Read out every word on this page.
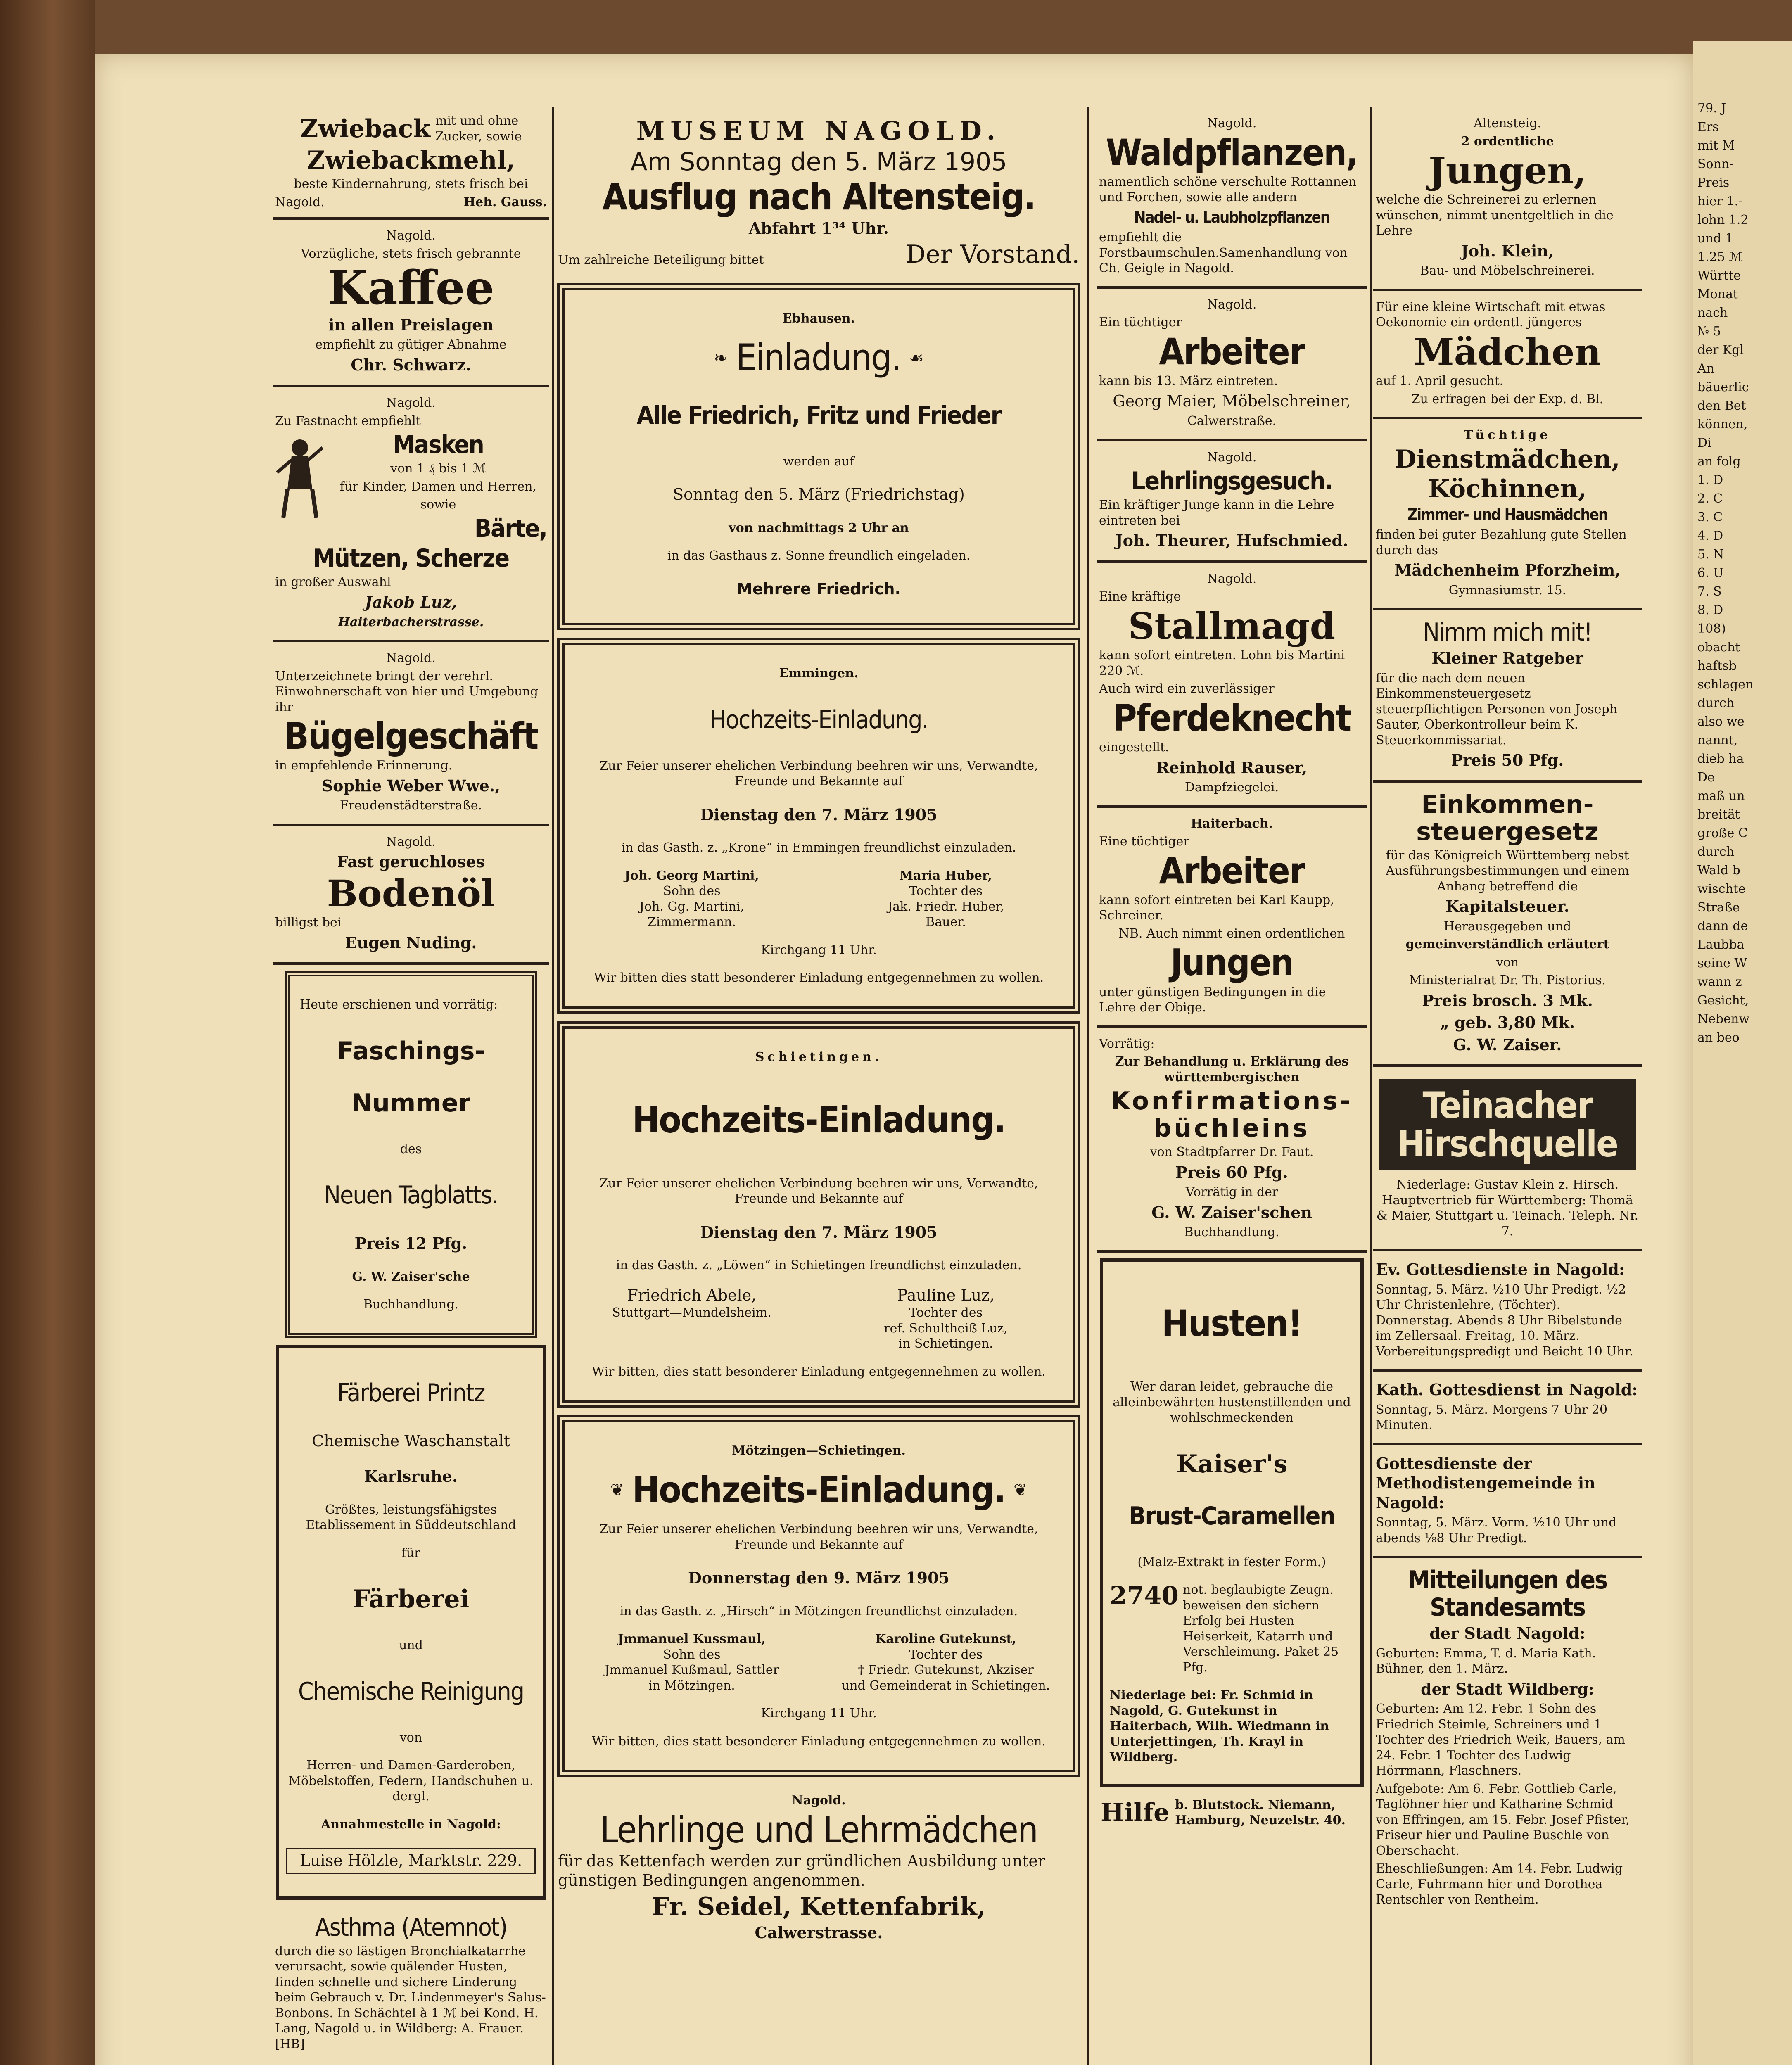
Zwieback mit und ohne
Zucker, sowie

Zwiebackmehl,

beste Kindernahrung, stets frisch bei

Nagold.	Heh. Gauss.

Nagold.

Vorzügliche, stets frisch gebrannte

Kaffee

in allen Preislagen

empfiehlt zu gütiger Abnahme

Chr. Schwarz.

Nagold.

Zu Fastnacht empfiehlt

Masken

von 1 ₰ bis 1 ℳ

für Kinder, Damen und Herren,

sowie

Bärte,

Mützen, Scherze

in großer Auswahl

Jakob Luz,

Haiterbacherstrasse.

Nagold.

Unterzeichnete bringt der verehrl. Einwohnerschaft von hier und Umgebung ihr

Bügelgeschäft

in empfehlende Erinnerung.

Sophie Weber Wwe.,

Freudenstädterstraße.

Nagold.

Fast geruchloses

Bodenöl

billigst bei

Eugen Nuding.

Heute erschienen und vorrätig:

Faschings-

Nummer

des

Neuen Tagblatts.

Preis 12 Pfg.

G. W. Zaiser'sche

Buchhandlung.

Färberei Printz

Chemische Waschanstalt

Karlsruhe.

Größtes, leistungsfähigstes Etablissement in Süddeutschland

für

Färberei

und

Chemische Reinigung

von

Herren- und Damen-Garderoben, Möbelstoffen, Federn, Handschuhen u. dergl.

Annahmestelle in Nagold:

Luise Hölzle, Marktstr. 229.

Asthma (Atemnot)

durch die so lästigen Bronchialkatarrhe verursacht, sowie quälender Husten, finden schnelle und sichere Linderung beim Gebrauch v. Dr. Lindenmeyer's Salus-Bonbons. In Schächtel à 1 ℳ bei Kond. H. Lang, Nagold u. in Wildberg: A. Frauer. [HB]

MUSEUM NAGOLD.

Am Sonntag den 5. März 1905

Ausflug nach Altensteig.

Abfahrt 1³⁴ Uhr.

Um zahlreiche Beteiligung bittet	Der Vorstand.

Ebhausen.

❧ Einladung. ☙

Alle Friedrich, Fritz und Frieder

werden auf

Sonntag den 5. März (Friedrichstag)

von nachmittags 2 Uhr an

in das Gasthaus z. Sonne freundlich eingeladen.

Mehrere Friedrich.

Emmingen.

Hochzeits-Einladung.

Zur Feier unserer ehelichen Verbindung beehren wir uns, Verwandte, Freunde und Bekannte auf

Dienstag den 7. März 1905

in das Gasth. z. „Krone“ in Emmingen freundlichst einzuladen.

Joh. Georg Martini,
Sohn des
Joh. Gg. Martini,
Zimmermann.
Maria Huber,
Tochter des
Jak. Friedr. Huber,
Bauer.

Kirchgang 11 Uhr.

Wir bitten dies statt besonderer Einladung entgegennehmen zu wollen.

Schietingen.

Hochzeits-Einladung.

Zur Feier unserer ehelichen Verbindung beehren wir uns, Verwandte, Freunde und Bekannte auf

Dienstag den 7. März 1905

in das Gasth. z. „Löwen“ in Schietingen freundlichst einzuladen.

Friedrich Abele,
Stuttgart—Mundelsheim.
Pauline Luz,
Tochter des
ref. Schultheiß Luz,
in Schietingen.

Wir bitten, dies statt besonderer Einladung entgegennehmen zu wollen.

Mötzingen—Schietingen.

❦ Hochzeits-Einladung. ❦

Zur Feier unserer ehelichen Verbindung beehren wir uns, Verwandte, Freunde und Bekannte auf

Donnerstag den 9. März 1905

in das Gasth. z. „Hirsch“ in Mötzingen freundlichst einzuladen.

Jmmanuel Kussmaul,
Sohn des
Jmmanuel Kußmaul, Sattler
in Mötzingen.
Karoline Gutekunst,
Tochter des
† Friedr. Gutekunst, Akziser
und Gemeinderat in Schietingen.

Kirchgang 11 Uhr.

Wir bitten, dies statt besonderer Einladung entgegennehmen zu wollen.

Nagold.

Lehrlinge und Lehrmädchen

für das Kettenfach werden zur gründlichen Ausbildung unter günstigen Bedingungen angenommen.

Fr. Seidel, Kettenfabrik,

Calwerstrasse.

Nagold.

Waldpflanzen,

namentlich schöne verschulte Rottannen und Forchen, sowie alle andern

Nadel- u. Laubholzpflanzen

empfiehlt die Forstbaumschulen.Samenhandlung von Ch. Geigle in Nagold.

Nagold.

Ein tüchtiger

Arbeiter

kann bis 13. März eintreten.

Georg Maier, Möbelschreiner,

Calwerstraße.

Nagold.

Lehrlingsgesuch.

Ein kräftiger Junge kann in die Lehre eintreten bei

Joh. Theurer, Hufschmied.

Nagold.

Eine kräftige

Stallmagd

kann sofort eintreten. Lohn bis Martini 220 ℳ.

Auch wird ein zuverlässiger

Pferdeknecht

eingestellt.

Reinhold Rauser,

Dampfziegelei.

Haiterbach.

Eine tüchtiger

Arbeiter

kann sofort eintreten bei Karl Kaupp, Schreiner.

NB. Auch nimmt einen ordentlichen

Jungen

unter günstigen Bedingungen in die Lehre der Obige.

Vorrätig:

Zur Behandlung u. Erklärung des württembergischen

Konfirmations-büchleins

von Stadtpfarrer Dr. Faut.

Preis 60 Pfg.

Vorrätig in der

G. W. Zaiser'schen

Buchhandlung.

Husten!

Wer daran leidet, gebrauche die alleinbewährten hustenstillenden und wohlschmeckenden

Kaiser's

Brust-Caramellen

(Malz-Extrakt in fester Form.)

2740 not. beglaubigte Zeugn. beweisen den sichern Erfolg bei Husten Heiserkeit, Katarrh und Verschleimung. Paket 25 Pfg.

Niederlage bei: Fr. Schmid in Nagold, G. Gutekunst in Haiterbach, Wilh. Wiedmann in Unterjettingen, Th. Krayl in Wildberg.

Hilfe b. Blutstock. Niemann, Hamburg, Neuzelstr. 40.

Altensteig.

2 ordentliche

Jungen,

welche die Schreinerei zu erlernen wünschen, nimmt unentgeltlich in die Lehre

Joh. Klein,

Bau- und Möbelschreinerei.

Für eine kleine Wirtschaft mit etwas Oekonomie ein ordentl. jüngeres

Mädchen

auf 1. April gesucht.

Zu erfragen bei der Exp. d. Bl.

Tüchtige

Dienstmädchen,

Köchinnen,

Zimmer- und Hausmädchen

finden bei guter Bezahlung gute Stellen durch das

Mädchenheim Pforzheim,

Gymnasiumstr. 15.

Nimm mich mit!

Kleiner Ratgeber

für die nach dem neuen Einkommensteuergesetz steuerpflichtigen Personen von Joseph Sauter, Oberkontrolleur beim K. Steuerkommissariat.

Preis 50 Pfg.

Einkommen-steuergesetz

für das Königreich Württemberg nebst Ausführungsbestimmungen und einem Anhang betreffend die

Kapitalsteuer.

Herausgegeben und

gemeinverständlich erläutert

von

Ministerialrat Dr. Th. Pistorius.

Preis brosch. 3 Mk.

„ geb. 3,80 Mk.

G. W. Zaiser.

Teinacher
Hirschquelle

Niederlage: Gustav Klein z. Hirsch. Hauptvertrieb für Württemberg: Thomä & Maier, Stuttgart u. Teinach. Teleph. Nr. 7.

Ev. Gottesdienste in Nagold:

Sonntag, 5. März. ½10 Uhr Predigt. ½2 Uhr Christenlehre, (Töchter). Donnerstag. Abends 8 Uhr Bibelstunde im Zellersaal. Freitag, 10. März. Vorbereitungspredigt und Beicht 10 Uhr.

Kath. Gottesdienst in Nagold:

Sonntag, 5. März. Morgens 7 Uhr 20 Minuten.

Gottesdienste der Methodistengemeinde in Nagold:

Sonntag, 5. März. Vorm. ½10 Uhr und abends ⅛8 Uhr Predigt.

Mitteilungen des Standesamts

der Stadt Nagold:

Geburten: Emma, T. d. Maria Kath. Bühner, den 1. März.

der Stadt Wildberg:

Geburten: Am 12. Febr. 1 Sohn des Friedrich Steimle, Schreiners und 1 Tochter des Friedrich Weik, Bauers, am 24. Febr. 1 Tochter des Ludwig Hörrmann, Flaschners.

Aufgebote: Am 6. Febr. Gottlieb Carle, Taglöhner hier und Katharine Schmid von Effringen, am 15. Febr. Josef Pfister, Friseur hier und Pauline Buschle von Oberschacht.

Eheschließungen: Am 14. Febr. Ludwig Carle, Fuhrmann hier und Dorothea Rentschler von Rentheim.

79. J
Ers
mit M
Sonn-
Preis
hier 1.-
lohn 1.2
und 1
1.25 ℳ
Württe
Monat
nach
№ 5
der Kgl
An
bäuerlic
den Bet
können,
Di
an folg
1. D
2. C
3. C
4. D
5. N
6. U
7. S
8. D
108)
obacht
haftsb
schlagen
durch
also we
nannt,
dieb ha
De
maß un
breität
große C
durch
Wald b
wischte
Straße
dann de
Laubba
seine W
wann z
Gesicht,
Nebenw
an beo
